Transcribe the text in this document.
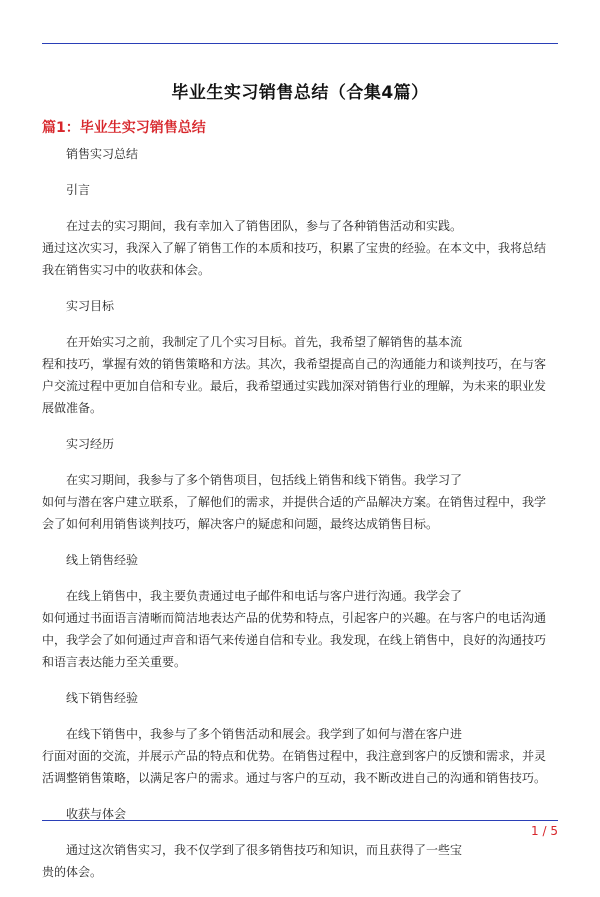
毕业生实习销售总结（合集4篇）
篇1：毕业生实习销售总结
销售实习总结
引言
在过去的实习期间，我有幸加入了销售团队，参与了各种销售活动和实践。
通过这次实习，我深入了解了销售工作的本质和技巧，积累了宝贵的经验。在本文中，我将总结
我在销售实习中的收获和体会。
实习目标
在开始实习之前，我制定了几个实习目标。首先，我希望了解销售的基本流
程和技巧，掌握有效的销售策略和方法。其次，我希望提高自己的沟通能力和谈判技巧，在与客
户交流过程中更加自信和专业。最后，我希望通过实践加深对销售行业的理解，为未来的职业发
展做准备。
实习经历
在实习期间，我参与了多个销售项目，包括线上销售和线下销售。我学习了
如何与潜在客户建立联系，了解他们的需求，并提供合适的产品解决方案。在销售过程中，我学
会了如何利用销售谈判技巧，解决客户的疑虑和问题，最终达成销售目标。
线上销售经验
在线上销售中，我主要负责通过电子邮件和电话与客户进行沟通。我学会了
如何通过书面语言清晰而简洁地表达产品的优势和特点，引起客户的兴趣。在与客户的电话沟通
中，我学会了如何通过声音和语气来传递自信和专业。我发现，在线上销售中，良好的沟通技巧
和语言表达能力至关重要。
线下销售经验
在线下销售中，我参与了多个销售活动和展会。我学到了如何与潜在客户进
行面对面的交流，并展示产品的特点和优势。在销售过程中，我注意到客户的反馈和需求，并灵
活调整销售策略，以满足客户的需求。通过与客户的互动，我不断改进自己的沟通和销售技巧。
收获与体会
通过这次销售实习，我不仅学到了很多销售技巧和知识，而且获得了一些宝
贵的体会。
1 / 5
